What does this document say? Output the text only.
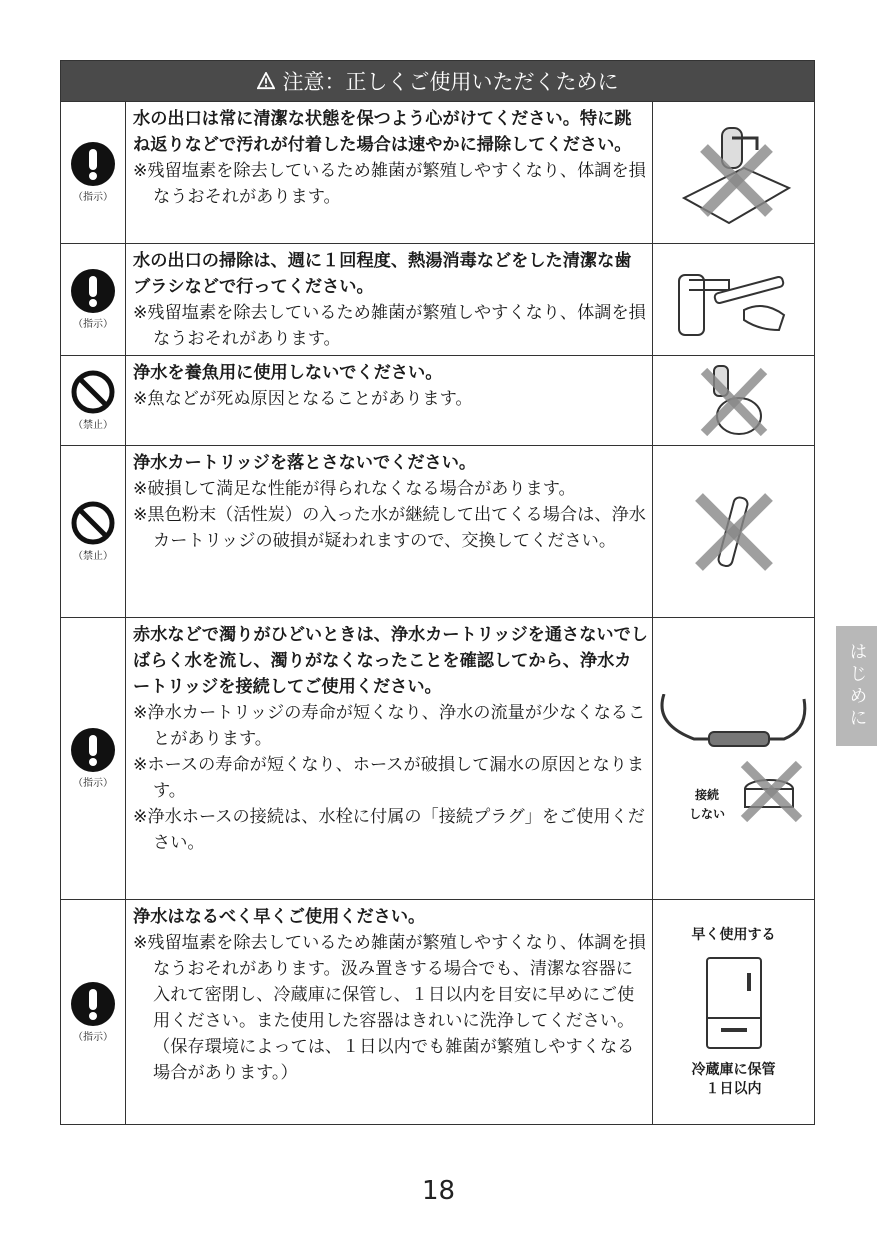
注意：正しくご使用いただくために
（指示）
水の出口は常に清潔な状態を保つよう心がけてください。特に跳ね返りなどで汚れが付着した場合は速やかに掃除してください。
※残留塩素を除去しているため雑菌が繁殖しやすくなり、体調を損なうおそれがあります。
（指示）
水の出口の掃除は、週に１回程度、熱湯消毒などをした清潔な歯ブラシなどで行ってください。
※残留塩素を除去しているため雑菌が繁殖しやすくなり、体調を損なうおそれがあります。
（禁止）
浄水を養魚用に使用しないでください。
※魚などが死ぬ原因となることがあります。
（禁止）
浄水カートリッジを落とさないでください。
※破損して満足な性能が得られなくなる場合があります。
※黒色粉末（活性炭）の入った水が継続して出てくる場合は、浄水カートリッジの破損が疑われますので、交換してください。
（指示）
赤水などで濁りがひどいときは、浄水カートリッジを通さないでしばらく水を流し、濁りがなくなったことを確認してから、浄水カートリッジを接続してご使用ください。
※浄水カートリッジの寿命が短くなり、浄水の流量が少なくなることがあります。
※ホースの寿命が短くなり、ホースが破損して漏水の原因となります。
※浄水ホースの接続は、水栓に付属の「接続プラグ」をご使用ください。
接続
しない
（指示）
浄水はなるべく早くご使用ください。
※残留塩素を除去しているため雑菌が繁殖しやすくなり、体調を損なうおそれがあります。汲み置きする場合でも、清潔な容器に入れて密閉し、冷蔵庫に保管し、１日以内を目安に早めにご使用ください。また使用した容器はきれいに洗浄してください。（保存環境によっては、１日以内でも雑菌が繁殖しやすくなる場合があります。）
早く使用する
冷蔵庫に保管
１日以内
はじめに
18
